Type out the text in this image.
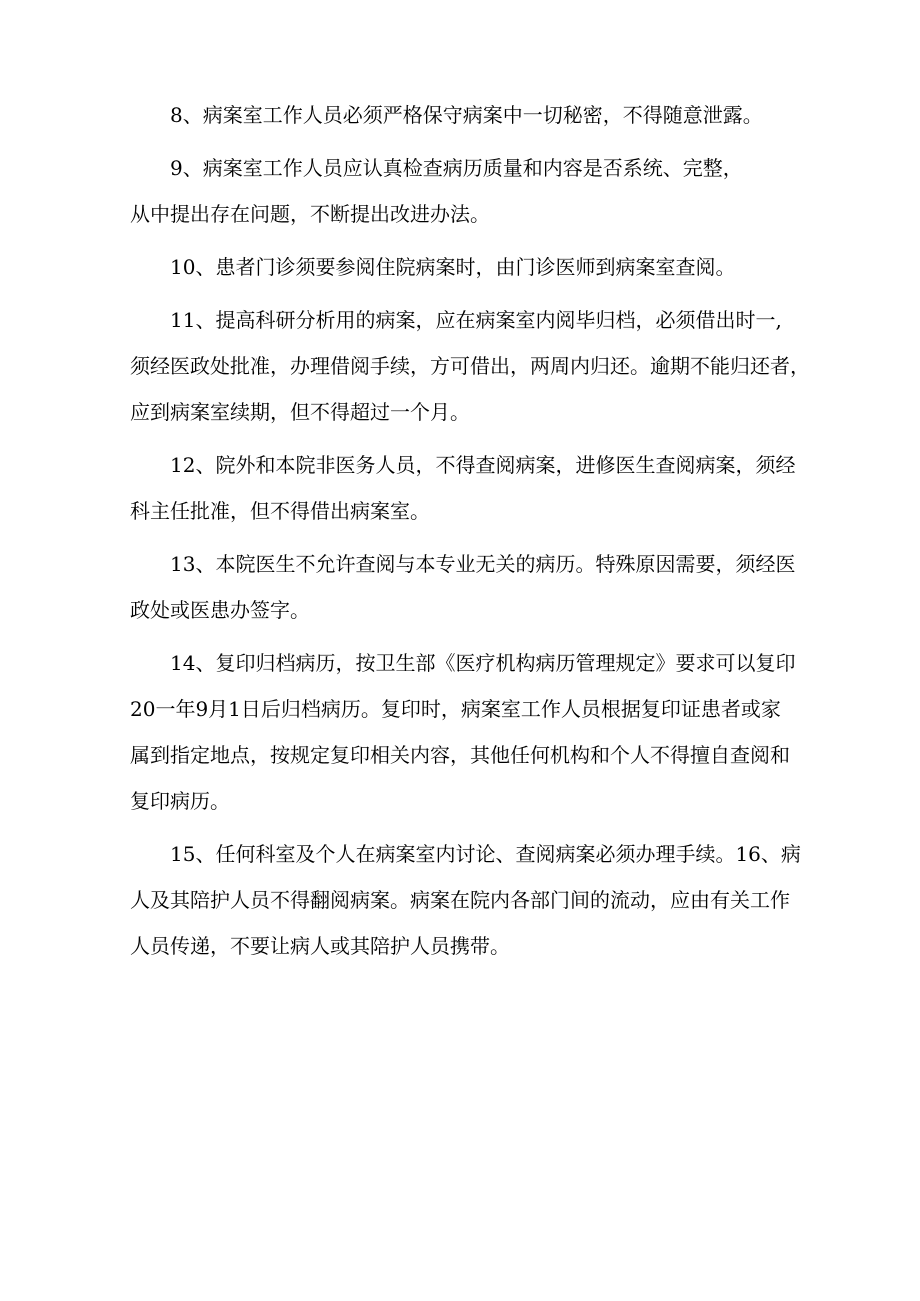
8、病案室工作人员必须严格保守病案中一切秘密，不得随意泄露。

9、病案室工作人员应认真检查病历质量和内容是否系统、完整，
从中提出存在问题，不断提出改进办法。

10、患者门诊须要参阅住院病案时，由门诊医师到病案室查阅。

11、提高科研分析用的病案，应在病案室内阅毕归档，必须借出时一,
须经医政处批准，办理借阅手续，方可借出，两周内归还。逾期不能归还者，
应到病案室续期，但不得超过一个月。

12、院外和本院非医务人员，不得查阅病案，进修医生查阅病案，须经
科主任批准，但不得借出病案室。

13、本院医生不允许查阅与本专业无关的病历。特殊原因需要，须经医
政处或医患办签字。

14、复印归档病历，按卫生部《医疗机构病历管理规定》要求可以复印
20一年9月1日后归档病历。复印时，病案室工作人员根据复印证患者或家
属到指定地点，按规定复印相关内容，其他任何机构和个人不得擅自查阅和
复印病历。

15、任何科室及个人在病案室内讨论、查阅病案必须办理手续。16、病
人及其陪护人员不得翻阅病案。病案在院内各部门间的流动，应由有关工作
人员传递，不要让病人或其陪护人员携带。
